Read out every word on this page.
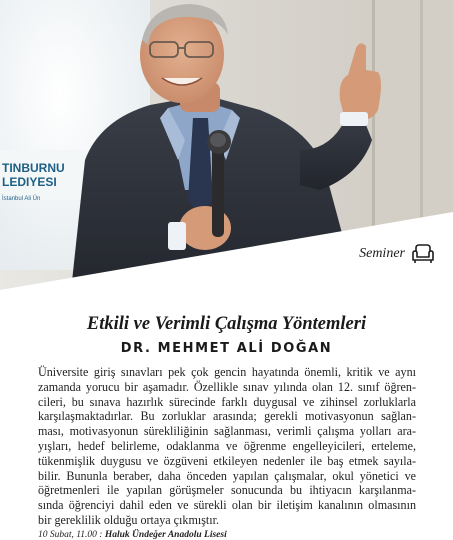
TINBURNU
LEDIYESI
İstanbul Ali Ün
Seminer
Etkili ve Verimli Çalışma Yöntemleri
DR. MEHMET ALİ DOĞAN
Üniversite giriş sınavları pek çok gencin hayatında önemli, kritik ve aynı
zamanda yorucu bir aşamadır. Özellikle sınav yılında olan 12. sınıf öğren-
cileri, bu sınava hazırlık sürecinde farklı duygusal ve zihinsel zorluklarla
karşılaşmaktadırlar. Bu zorluklar arasında; gerekli motivasyonun sağlan-
ması, motivasyonun sürekliliğinin sağlanması, verimli çalışma yolları ara-
yışları, hedef belirleme, odaklanma ve öğrenme engelleyicileri, erteleme,
tükenmişlik duygusu ve özgüveni etkileyen nedenler ile baş etmek sayıla-
bilir. Bununla beraber, daha önceden yapılan çalışmalar, okul yönetici ve
öğretmenleri ile yapılan görüşmeler sonucunda bu ihtiyacın karşılanma-
sında öğrenciyi dahil eden ve sürekli olan bir iletişim kanalının olmasının
bir gereklilik olduğu ortaya çıkmıştır.
10 Subat, 11.00 : Haluk Ündeğer Anadolu Lisesi
